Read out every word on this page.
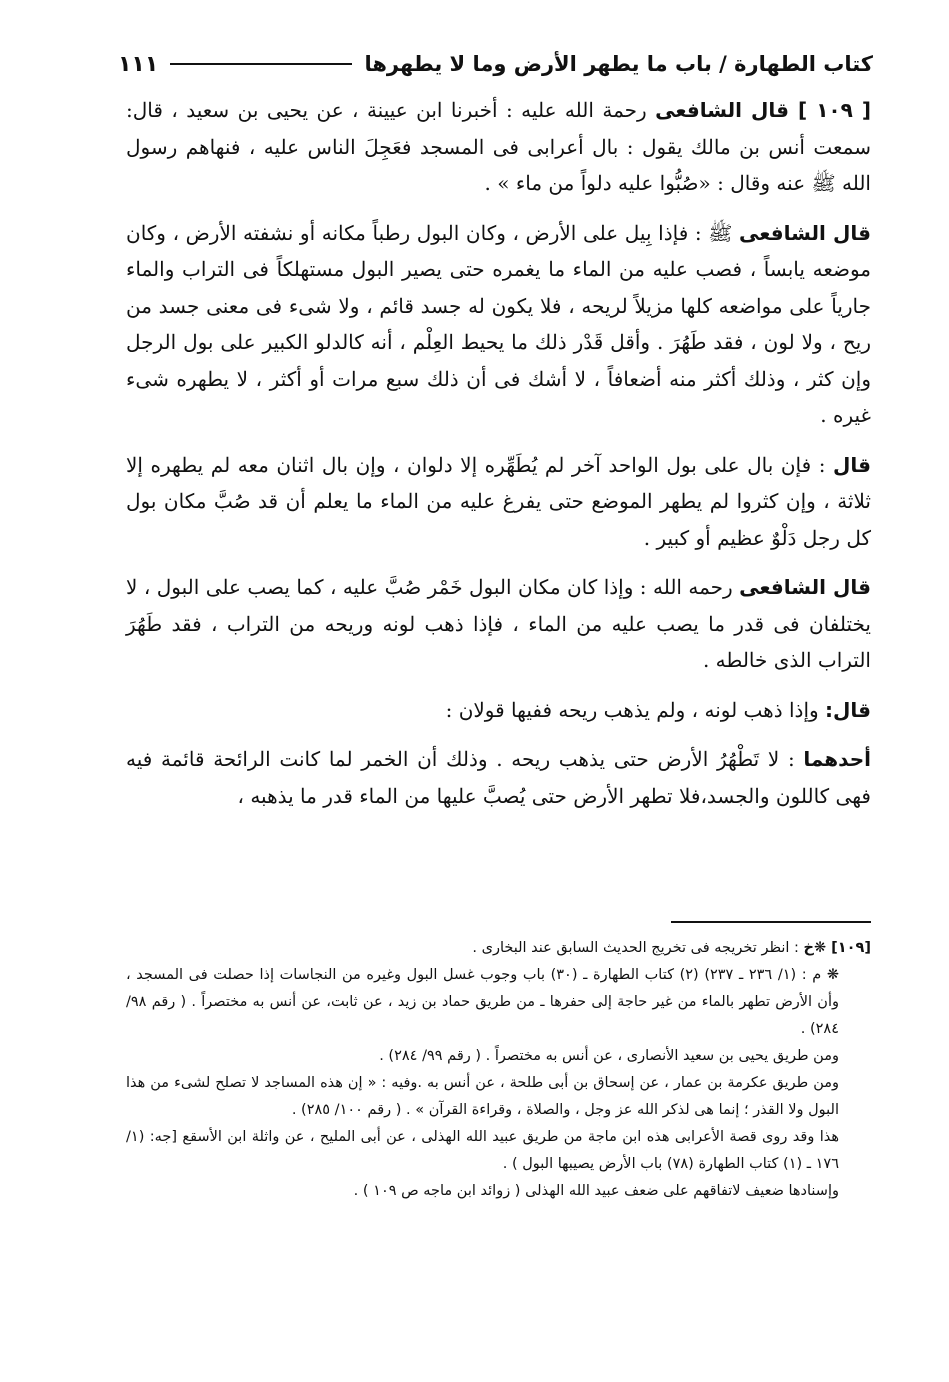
كتاب الطهارة / باب ما يطهر الأرض وما لا يطهرها
١١١

[ ١٠٩ ] قال الشافعى رحمة الله عليه : أخبرنا ابن عيينة ، عن يحيى بن سعيد ، قال: سمعت أنس بن مالك يقول : بال أعرابى فى المسجد فعَجِلَ الناس عليه ، فنهاهم رسول الله ﷺ عنه وقال : «صُبُّوا عليه دلواً من ماء » .

قال الشافعى ﷺ : فإذا بِيل على الأرض ، وكان البول رطباً مكانه أو نشفته الأرض ، وكان موضعه يابساً ، فصب عليه من الماء ما يغمره حتى يصير البول مستهلكاً فى التراب والماء جارياً على مواضعه كلها مزيلاً لريحه ، فلا يكون له جسد قائم ، ولا شىء فى معنى جسد من ريح ، ولا لون ، فقد طَهُرَ . وأقل قَدْر ذلك ما يحيط العِلْم ، أنه كالدلو الكبير على بول الرجل وإن كثر ، وذلك أكثر منه أضعافاً ، لا أشك فى أن ذلك سبع مرات أو أكثر ، لا يطهره شىء غيره .

قال : فإن بال على بول الواحد آخر لم يُطَهِّره إلا دلوان ، وإن بال اثنان معه لم يطهره إلا ثلاثة ، وإن كثروا لم يطهر الموضع حتى يفرغ عليه من الماء ما يعلم أن قد صُبَّ مكان بول كل رجل دَلْوٌ عظيم أو كبير .

قال الشافعى رحمه الله : وإذا كان مكان البول خَمْر صُبَّ عليه ، كما يصب على البول ، لا يختلفان فى قدر ما يصب عليه من الماء ، فإذا ذهب لونه وريحه من التراب ، فقد طَهُرَ التراب الذى خالطه .

قال: وإذا ذهب لونه ، ولم يذهب ريحه ففيها قولان :

أحدهما : لا تَطْهُرُ الأرض حتى يذهب ريحه . وذلك أن الخمر لما كانت الرائحة قائمة فيه فهى كاللون والجسد،فلا تطهر الأرض حتى يُصبَّ عليها من الماء قدر ما يذهبه ،

[١٠٩] ❋خ : انظر تخريجه فى تخريج الحديث السابق عند البخارى .

❋ م : (١/ ٢٣٦ ـ ٢٣٧) (٢) كتاب الطهارة ـ (٣٠) باب وجوب غسل البول وغيره من النجاسات إذا حصلت فى المسجد ، وأن الأرض تطهر بالماء من غير حاجة إلى حفرها ـ من طريق حماد بن زيد ، عن ثابت، عن أنس به مختصراً . ( رقم ٩٨/ ٢٨٤) .

ومن طريق يحيى بن سعيد الأنصارى ، عن أنس به مختصراً . ( رقم ٩٩/ ٢٨٤) .

ومن طريق عكرمة بن عمار ، عن إسحاق بن أبى طلحة ، عن أنس به .وفيه : « إن هذه المساجد لا تصلح لشىء من هذا البول ولا القذر ؛ إنما هى لذكر الله عز وجل ، والصلاة ، وقراءة القرآن » . ( رقم ١٠٠/ ٢٨٥) .

هذا وقد روى قصة الأعرابى هذه ابن ماجة من طريق عبيد الله الهذلى ، عن أبى المليح ، عن واثلة ابن الأسقع [جه: (١/ ١٧٦ ـ (١) كتاب الطهارة (٧٨) باب الأرض يصيبها البول ) .

وإسنادها ضعيف لاتفاقهم على ضعف عبيد الله الهذلى ( زوائد ابن ماجه ص ١٠٩ ) .
